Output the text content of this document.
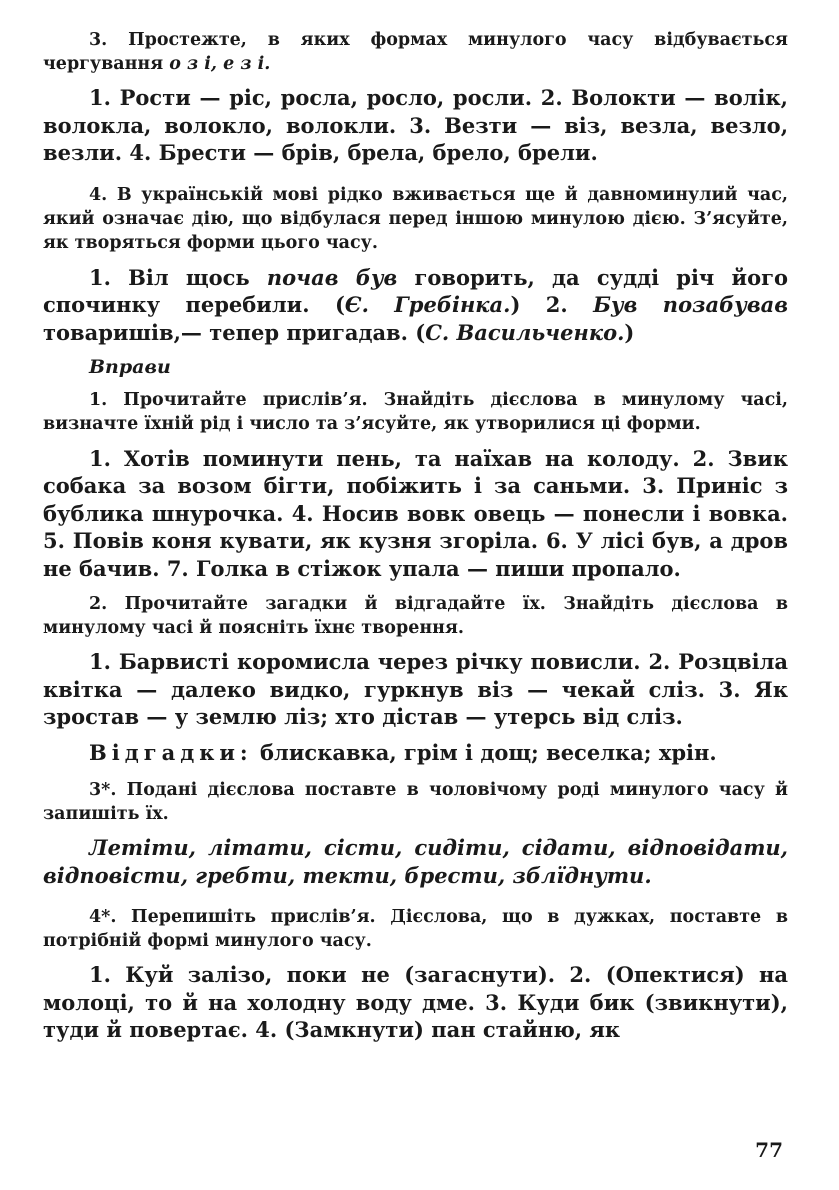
3. Простежте, в яких формах минулого часу відбувається чергування о з і, е з і.

1. Рости — ріс, росла, росло, росли. 2. Волокти — волік, волокла, волокло, волокли. 3. Везти — віз, везла, везло, везли. 4. Брести — брів, брела, брело, брели.

4. В українській мові рідко вживається ще й давноминулий час, який означає дію, що відбулася перед іншою минулою дією. З’ясуйте, як творяться форми цього часу.

1. Віл щось почав був говорить, да судді річ його спочинку перебили. (Є. Гребінка.) 2. Був позабував товаришів,— тепер пригадав. (С. Васильченко.)

Вправи

1. Прочитайте прислів’я. Знайдіть дієслова в минулому часі, визначте їхній рід і число та з’ясуйте, як утворилися ці форми.

1. Хотів поминути пень, та наїхав на колоду. 2. Звик собака за возом бігти, побіжить і за саньми. 3. Приніс з бублика шнурочка. 4. Носив вовк овець — понесли і вовка. 5. Повів коня кувати, як кузня згоріла. 6. У лісі був, а дров не бачив. 7. Голка в стіжок упала — пиши пропало.

2. Прочитайте загадки й відгадайте їх. Знайдіть дієслова в минулому часі й поясніть їхнє творення.

1. Барвисті коромисла через річку повисли. 2. Розцвіла квітка — далеко видко, гуркнув віз — чекай сліз. 3. Як зростав — у землю ліз; хто дістав — утерсь від сліз.

Відгадки: блискавка, грім і дощ; веселка; хрін.

3*. Подані дієслова поставте в чоловічому роді минулого часу й запишіть їх.

Летіти, літати, сісти, сидіти, сідати, відповідати, відповісти, гребти, текти, брести, зблїднути.

4*. Перепишіть прислів’я. Дієслова, що в дужках, поставте в потрібній формі минулого часу.

1. Куй залізо, поки не (загаснути). 2. (Опектися) на молоці, то й на холодну воду дме. 3. Куди бик (звикнути), туди й повертає. 4. (Замкнути) пан стайню, як

77
